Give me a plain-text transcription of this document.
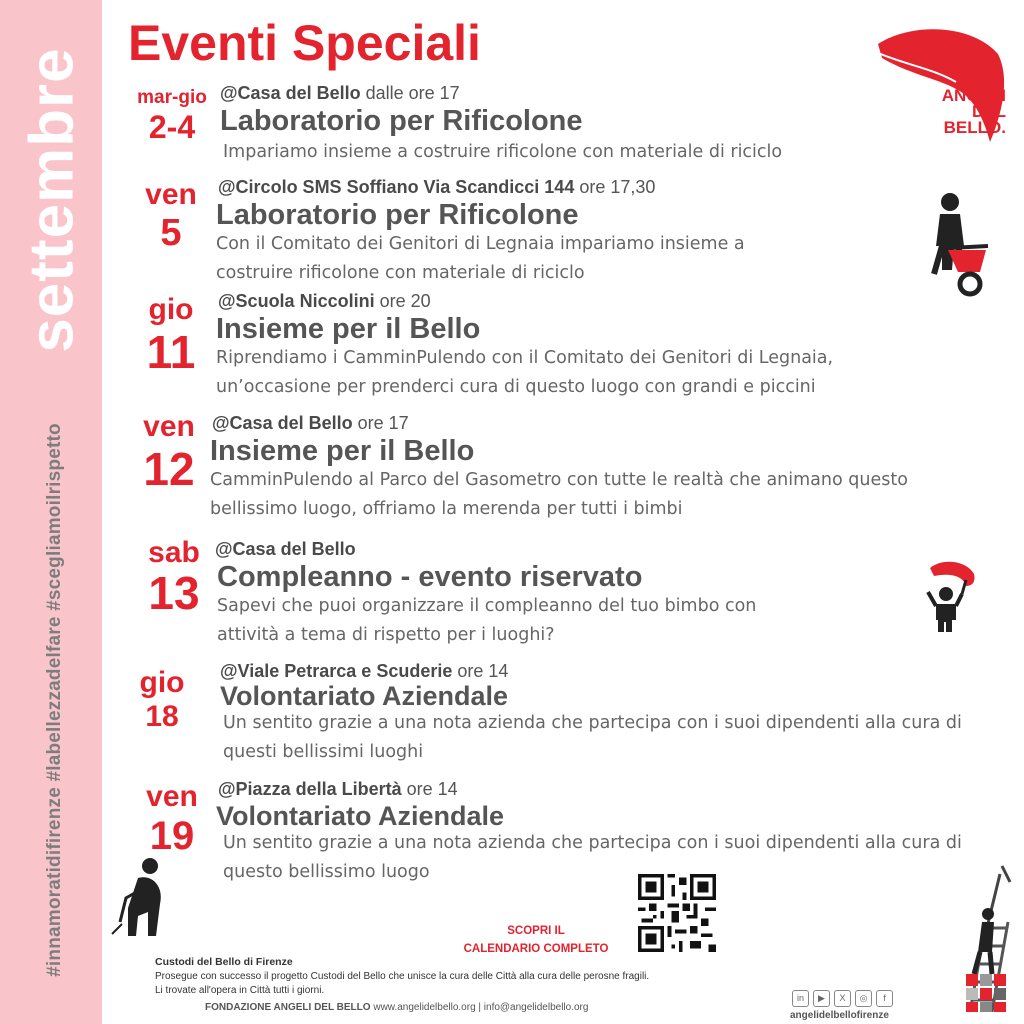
settembre
#innamoratidifirenze #labellezzadelfare #scegliamoilrispetto
Eventi Speciali
ANGELI
DEL
BELLO.
mar-gio
2-4
@Casa del Bello dalle ore 17
Laboratorio per Rificolone
Impariamo insieme a costruire rificolone con materiale di riciclo
ven
5
@Circolo SMS Soffiano Via Scandicci 144 ore 17,30
Laboratorio per Rificolone
Con il Comitato dei Genitori di Legnaia impariamo insieme a costruire rificolone con materiale di riciclo
gio
11
@Scuola Niccolini ore 20
Insieme per il Bello
Riprendiamo i CamminPulendo con il Comitato dei Genitori di Legnaia, un’occasione per prenderci cura di questo luogo con grandi e piccini
ven
12
@Casa del Bello ore 17
Insieme per il Bello
CamminPulendo al Parco del Gasometro con tutte le realtà che animano questo bellissimo luogo, offriamo la merenda per tutti i bimbi
sab
13
@Casa del Bello
Compleanno - evento riservato
Sapevi che puoi organizzare il compleanno del tuo bimbo con attività a tema di rispetto per i luoghi?
gio
18
@Viale Petrarca e Scuderie ore 14
Volontariato Aziendale
Un sentito grazie a una nota azienda che partecipa con i suoi dipendenti alla cura di questi bellissimi luoghi
ven
19
@Piazza della Libertà ore 14
Volontariato Aziendale
Un sentito grazie a una nota azienda che partecipa con i suoi dipendenti alla cura di questo bellissimo luogo
SCOPRI IL
CALENDARIO COMPLETO
Custodi del Bello di Firenze
Prosegue con successo il progetto Custodi del Bello che unisce la cura delle Città alla cura delle perosne fragili.
Li trovate all'opera in Città tutti i giorni.
FONDAZIONE ANGELI DEL BELLO www.angelidelbello.org | info@angelidelbello.org
in	▶	X	◎	f
angelidelbellofirenze
